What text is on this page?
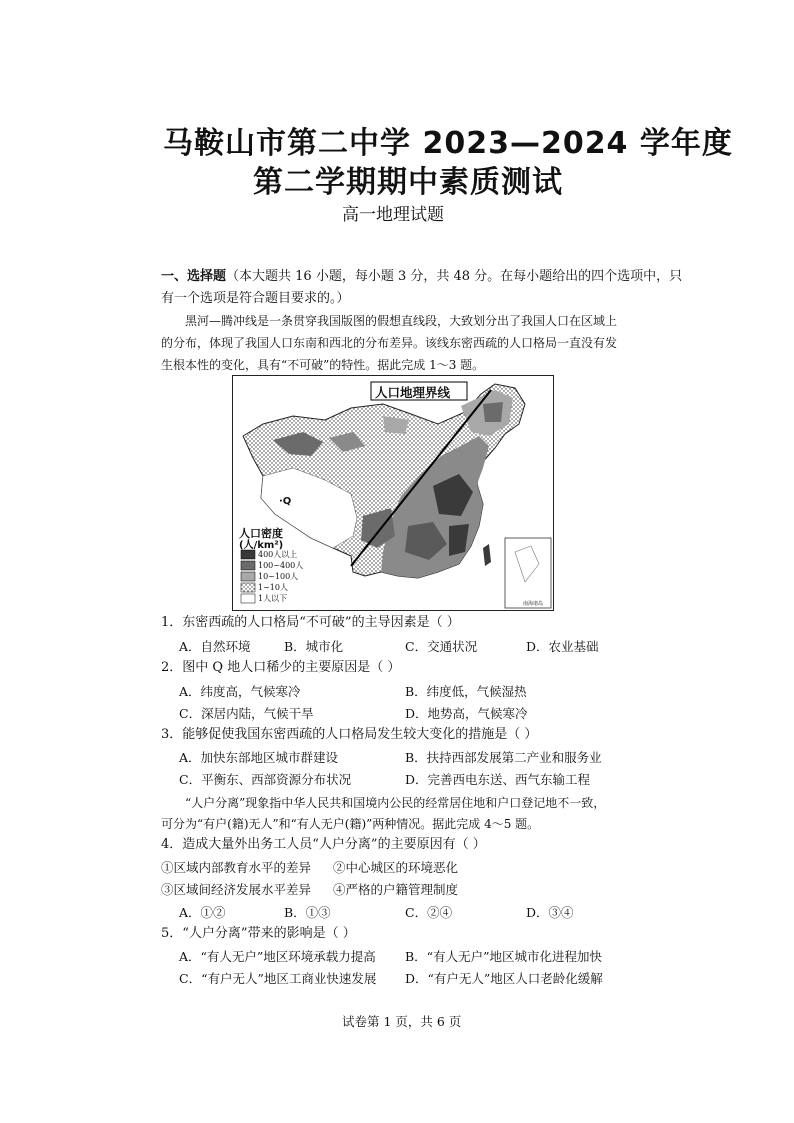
马鞍山市第二中学 2023—2024 学年度
第二学期期中素质测试
高一地理试题
一、选择题（本大题共 16 小题，每小题 3 分，共 48 分。在每小题给出的四个选项中，只
有一个选项是符合题目要求的。）
黑河—腾冲线是一条贯穿我国版图的假想直线段，大致划分出了我国人口在区域上
的分布，体现了我国人口东南和西北的分布差异。该线东密西疏的人口格局一直没有发
生根本性的变化，具有“不可破”的特性。据此完成 1～3 题。
人口地理界线
·Q
人口密度
(人/km²)
400人以上
100~400人
10~100人
1~10人
1人以下
南海诸岛
1．东密西疏的人口格局“不可破”的主导因素是（ ）
A．自然环境	B．城市化	C．交通状况	D．农业基础
2．图中 Q 地人口稀少的主要原因是（ ）
A．纬度高，气候寒冷	B．纬度低，气候湿热
C．深居内陆，气候干旱	D．地势高，气候寒冷
3．能够促使我国东密西疏的人口格局发生较大变化的措施是（ ）
A．加快东部地区城市群建设	B．扶持西部发展第二产业和服务业
C．平衡东、西部资源分布状况	D．完善西电东送、西气东输工程
“人户分离”现象指中华人民共和国境内公民的经常居住地和户口登记地不一致，
可分为“有户(籍)无人”和“有人无户(籍)”两种情况。据此完成 4～5 题。
4．造成大量外出务工人员“人户分离”的主要原因有（ ）
①区域内部教育水平的差异 ②中心城区的环境恶化
③区域间经济发展水平差异 ④严格的户籍管理制度
A．①②	B．①③	C．②④	D．③④
5．“人户分离”带来的影响是（ ）
A．“有人无户”地区环境承载力提高 B．“有人无户”地区城市化进程加快
C．“有户无人”地区工商业快速发展 D．“有户无人”地区人口老龄化缓解
试卷第 1 页，共 6 页
